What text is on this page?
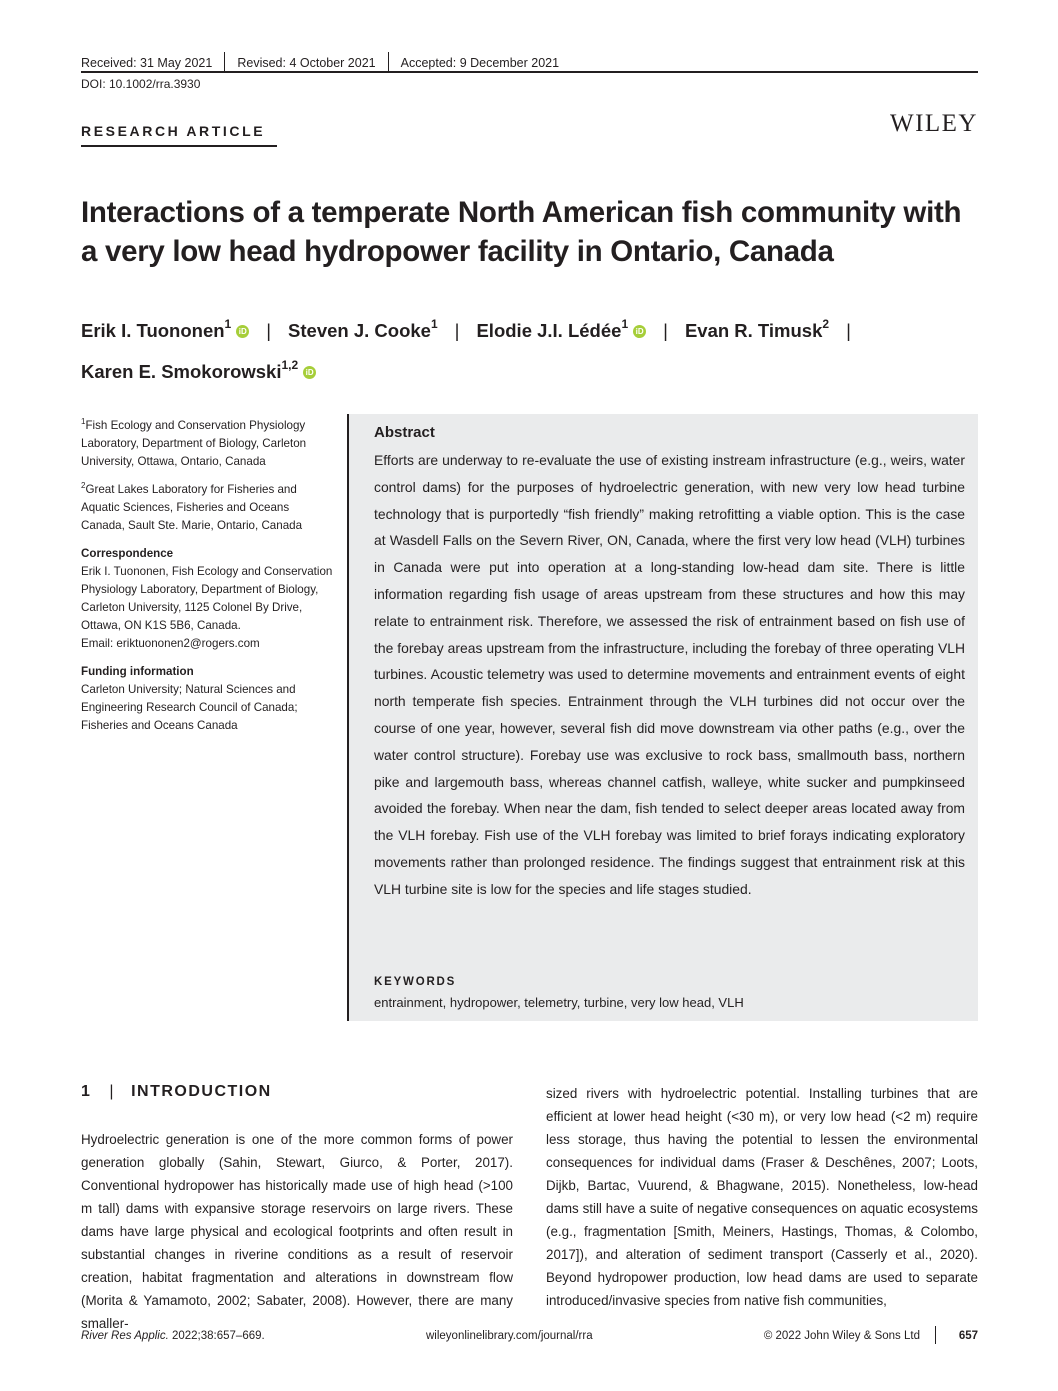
Received: 31 May 2021 Revised: 4 October 2021 Accepted: 9 December 2021
DOI: 10.1002/rra.3930
RESEARCH ARTICLE	WILEY
Interactions of a temperate North American fish community with a very low head hydropower facility in Ontario, Canada
Erik I. Tuononen$^1$iD | Steven J. Cooke$^1$ | Elodie J.I. Lédée$^1$iD | Evan R. Timusk$^2$ |
Karen E. Smokorowski$^{1,2}$iD

$^1$Fish Ecology and Conservation Physiology Laboratory, Department of Biology, Carleton University, Ottawa, Ontario, Canada

$^2$Great Lakes Laboratory for Fisheries and Aquatic Sciences, Fisheries and Oceans Canada, Sault Ste. Marie, Ontario, Canada

Correspondence

Erik I. Tuononen, Fish Ecology and Conservation Physiology Laboratory, Department of Biology, Carleton University, 1125 Colonel By Drive, Ottawa, ON K1S 5B6, Canada.

Email: eriktuononen2@rogers.com

Funding information

Carleton University; Natural Sciences and Engineering Research Council of Canada; Fisheries and Oceans Canada

Abstract
Efforts are underway to re-evaluate the use of existing instream infrastructure (e.g., weirs, water control dams) for the purposes of hydroelectric generation, with new very low head turbine technology that is purportedly “fish friendly” making retrofitting a viable option. This is the case at Wasdell Falls on the Severn River, ON, Canada, where the first very low head (VLH) turbines in Canada were put into operation at a long-standing low-head dam site. There is little information regarding fish usage of areas upstream from these structures and how this may relate to entrainment risk. Therefore, we assessed the risk of entrainment based on fish use of the forebay areas upstream from the infrastructure, including the forebay of three operating VLH turbines. Acoustic telemetry was used to determine movements and entrainment events of eight north temperate fish species. Entrainment through the VLH turbines did not occur over the course of one year, however, several fish did move downstream via other paths (e.g., over the water control structure). Forebay use was exclusive to rock bass, smallmouth bass, northern pike and largemouth bass, whereas channel catfish, walleye, white sucker and pumpkinseed avoided the forebay. When near the dam, fish tended to select deeper areas located away from the VLH forebay. Fish use of the VLH forebay was limited to brief forays indicating exploratory movements rather than prolonged residence. The findings suggest that entrainment risk at this VLH turbine site is low for the species and life stages studied.
KEYWORDS
entrainment, hydropower, telemetry, turbine, very low head, VLH
1 | INTRODUCTION
Hydroelectric generation is one of the more common forms of power generation globally (Sahin, Stewart, Giurco, & Porter, 2017). Conventional hydropower has historically made use of high head (>100 m tall) dams with expansive storage reservoirs on large rivers. These dams have large physical and ecological footprints and often result in substantial changes in riverine conditions as a result of reservoir creation, habitat fragmentation and alterations in downstream flow (Morita & Yamamoto, 2002; Sabater, 2008). However, there are many smaller-
sized rivers with hydroelectric potential. Installing turbines that are efficient at lower head height (<30 m), or very low head (<2 m) require less storage, thus having the potential to lessen the environmental consequences for individual dams (Fraser & Deschênes, 2007; Loots, Dijkb, Bartac, Vuurend, & Bhagwane, 2015). Nonetheless, low-head dams still have a suite of negative consequences on aquatic ecosystems (e.g., fragmentation [Smith, Meiners, Hastings, Thomas, & Colombo, 2017]), and alteration of sediment transport (Casserly et al., 2020). Beyond hydropower production, low head dams are used to separate introduced/invasive species from native fish communities,
River Res Applic. 2022;38:657–669.	wileyonlinelibrary.com/journal/rra	© 2022 John Wiley & Sons Ltd	657
